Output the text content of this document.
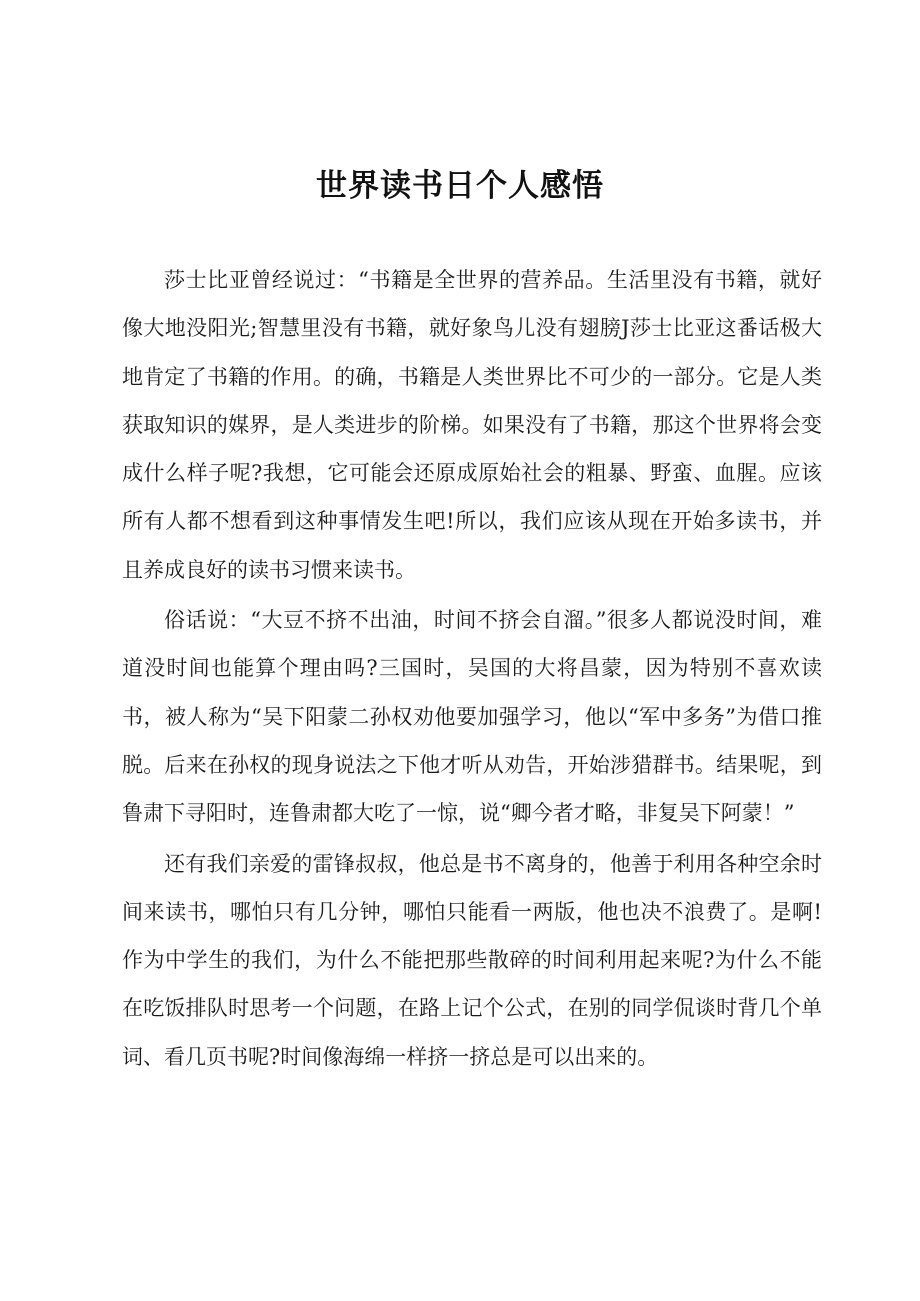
世界读书日个人感悟

莎士比亚曾经说过：“书籍是全世界的营养品。生活里没有书籍，就好像大地没阳光;智慧里没有书籍，就好象鸟儿没有翅膀J莎士比亚这番话极大地肯定了书籍的作用。的确，书籍是人类世界比不可少的一部分。它是人类获取知识的媒界，是人类进步的阶梯。如果没有了书籍，那这个世界将会变成什么样子呢?我想，它可能会还原成原始社会的粗暴、野蛮、血腥。应该所有人都不想看到这种事情发生吧!所以，我们应该从现在开始多读书，并且养成良好的读书习惯来读书。

俗话说：“大豆不挤不出油，时间不挤会自溜。”很多人都说没时间，难道没时间也能算个理由吗?三国时，吴国的大将昌蒙，因为特别不喜欢读书，被人称为“吴下阳蒙二孙权劝他要加强学习，他以“军中多务”为借口推脱。后来在孙权的现身说法之下他才听从劝告，开始涉猎群书。结果呢，到鲁肃下寻阳时，连鲁肃都大吃了一惊，说“卿今者才略，非复吴下阿蒙！”

还有我们亲爱的雷锋叔叔，他总是书不离身的，他善于利用各种空余时间来读书，哪怕只有几分钟，哪怕只能看一两版，他也决不浪费了。是啊!作为中学生的我们，为什么不能把那些散碎的时间利用起来呢?为什么不能在吃饭排队时思考一个问题，在路上记个公式，在别的同学侃谈时背几个单词、看几页书呢?时间像海绵一样挤一挤总是可以出来的。
